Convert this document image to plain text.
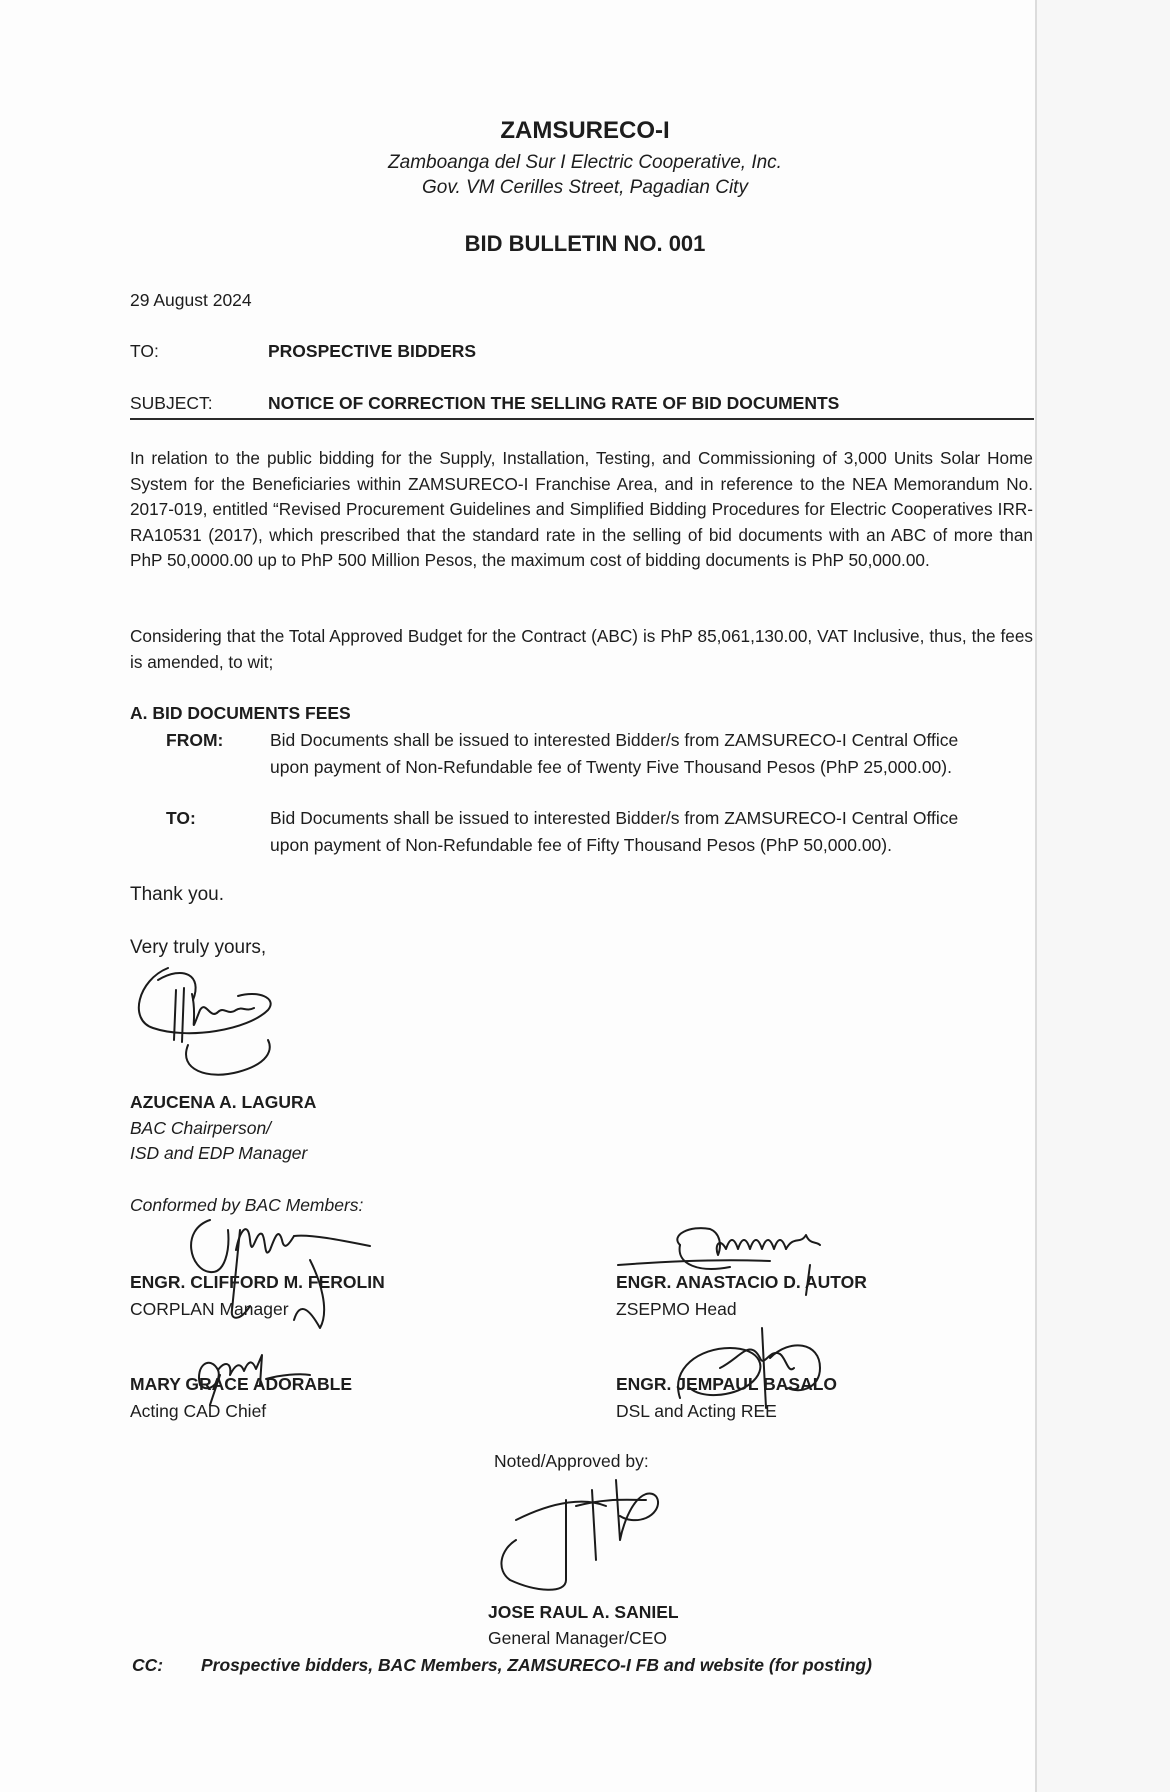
ZAMSURECO-I
Zamboanga del Sur I Electric Cooperative, Inc.
Gov. VM Cerilles Street, Pagadian City
BID BULLETIN NO. 001
29 August 2024
TO:	PROSPECTIVE BIDDERS
SUBJECT:	NOTICE OF CORRECTION THE SELLING RATE OF BID DOCUMENTS
In relation to the public bidding for the Supply, Installation, Testing, and Commissioning of 3,000 Units Solar Home System for the Beneficiaries within ZAMSURECO-I Franchise Area, and in reference to the NEA Memorandum No. 2017-019, entitled “Revised Procurement Guidelines and Simplified Bidding Procedures for Electric Cooperatives IRR-RA10531 (2017), which prescribed that the standard rate in the selling of bid documents with an ABC of more than PhP 50,0000.00 up to PhP 500 Million Pesos, the maximum cost of bidding documents is PhP 50,000.00.
Considering that the Total Approved Budget for the Contract (ABC) is PhP 85,061,130.00, VAT Inclusive, thus, the fees is amended, to wit;
A. BID DOCUMENTS FEES
FROM:	Bid Documents shall be issued to interested Bidder/s from ZAMSURECO-I Central Office
upon payment of Non-Refundable fee of Twenty Five Thousand Pesos (PhP 25,000.00).
TO:	Bid Documents shall be issued to interested Bidder/s from ZAMSURECO-I Central Office
upon payment of Non-Refundable fee of Fifty Thousand Pesos (PhP 50,000.00).
Thank you.
Very truly yours,
AZUCENA A. LAGURA
BAC Chairperson/
ISD and EDP Manager
Conformed by BAC Members:
ENGR. CLIFFORD M. FEROLIN
CORPLAN Manager
MARY GRACE ADORABLE
Acting CAD Chief
ENGR. ANASTACIO D. AUTOR
ZSEPMO Head
ENGR. JEMPAUL BASALO
DSL and Acting REE
Noted/Approved by:
JOSE RAUL A. SANIEL
General Manager/CEO
CC: Prospective bidders, BAC Members, ZAMSURECO-I FB and website (for posting)
